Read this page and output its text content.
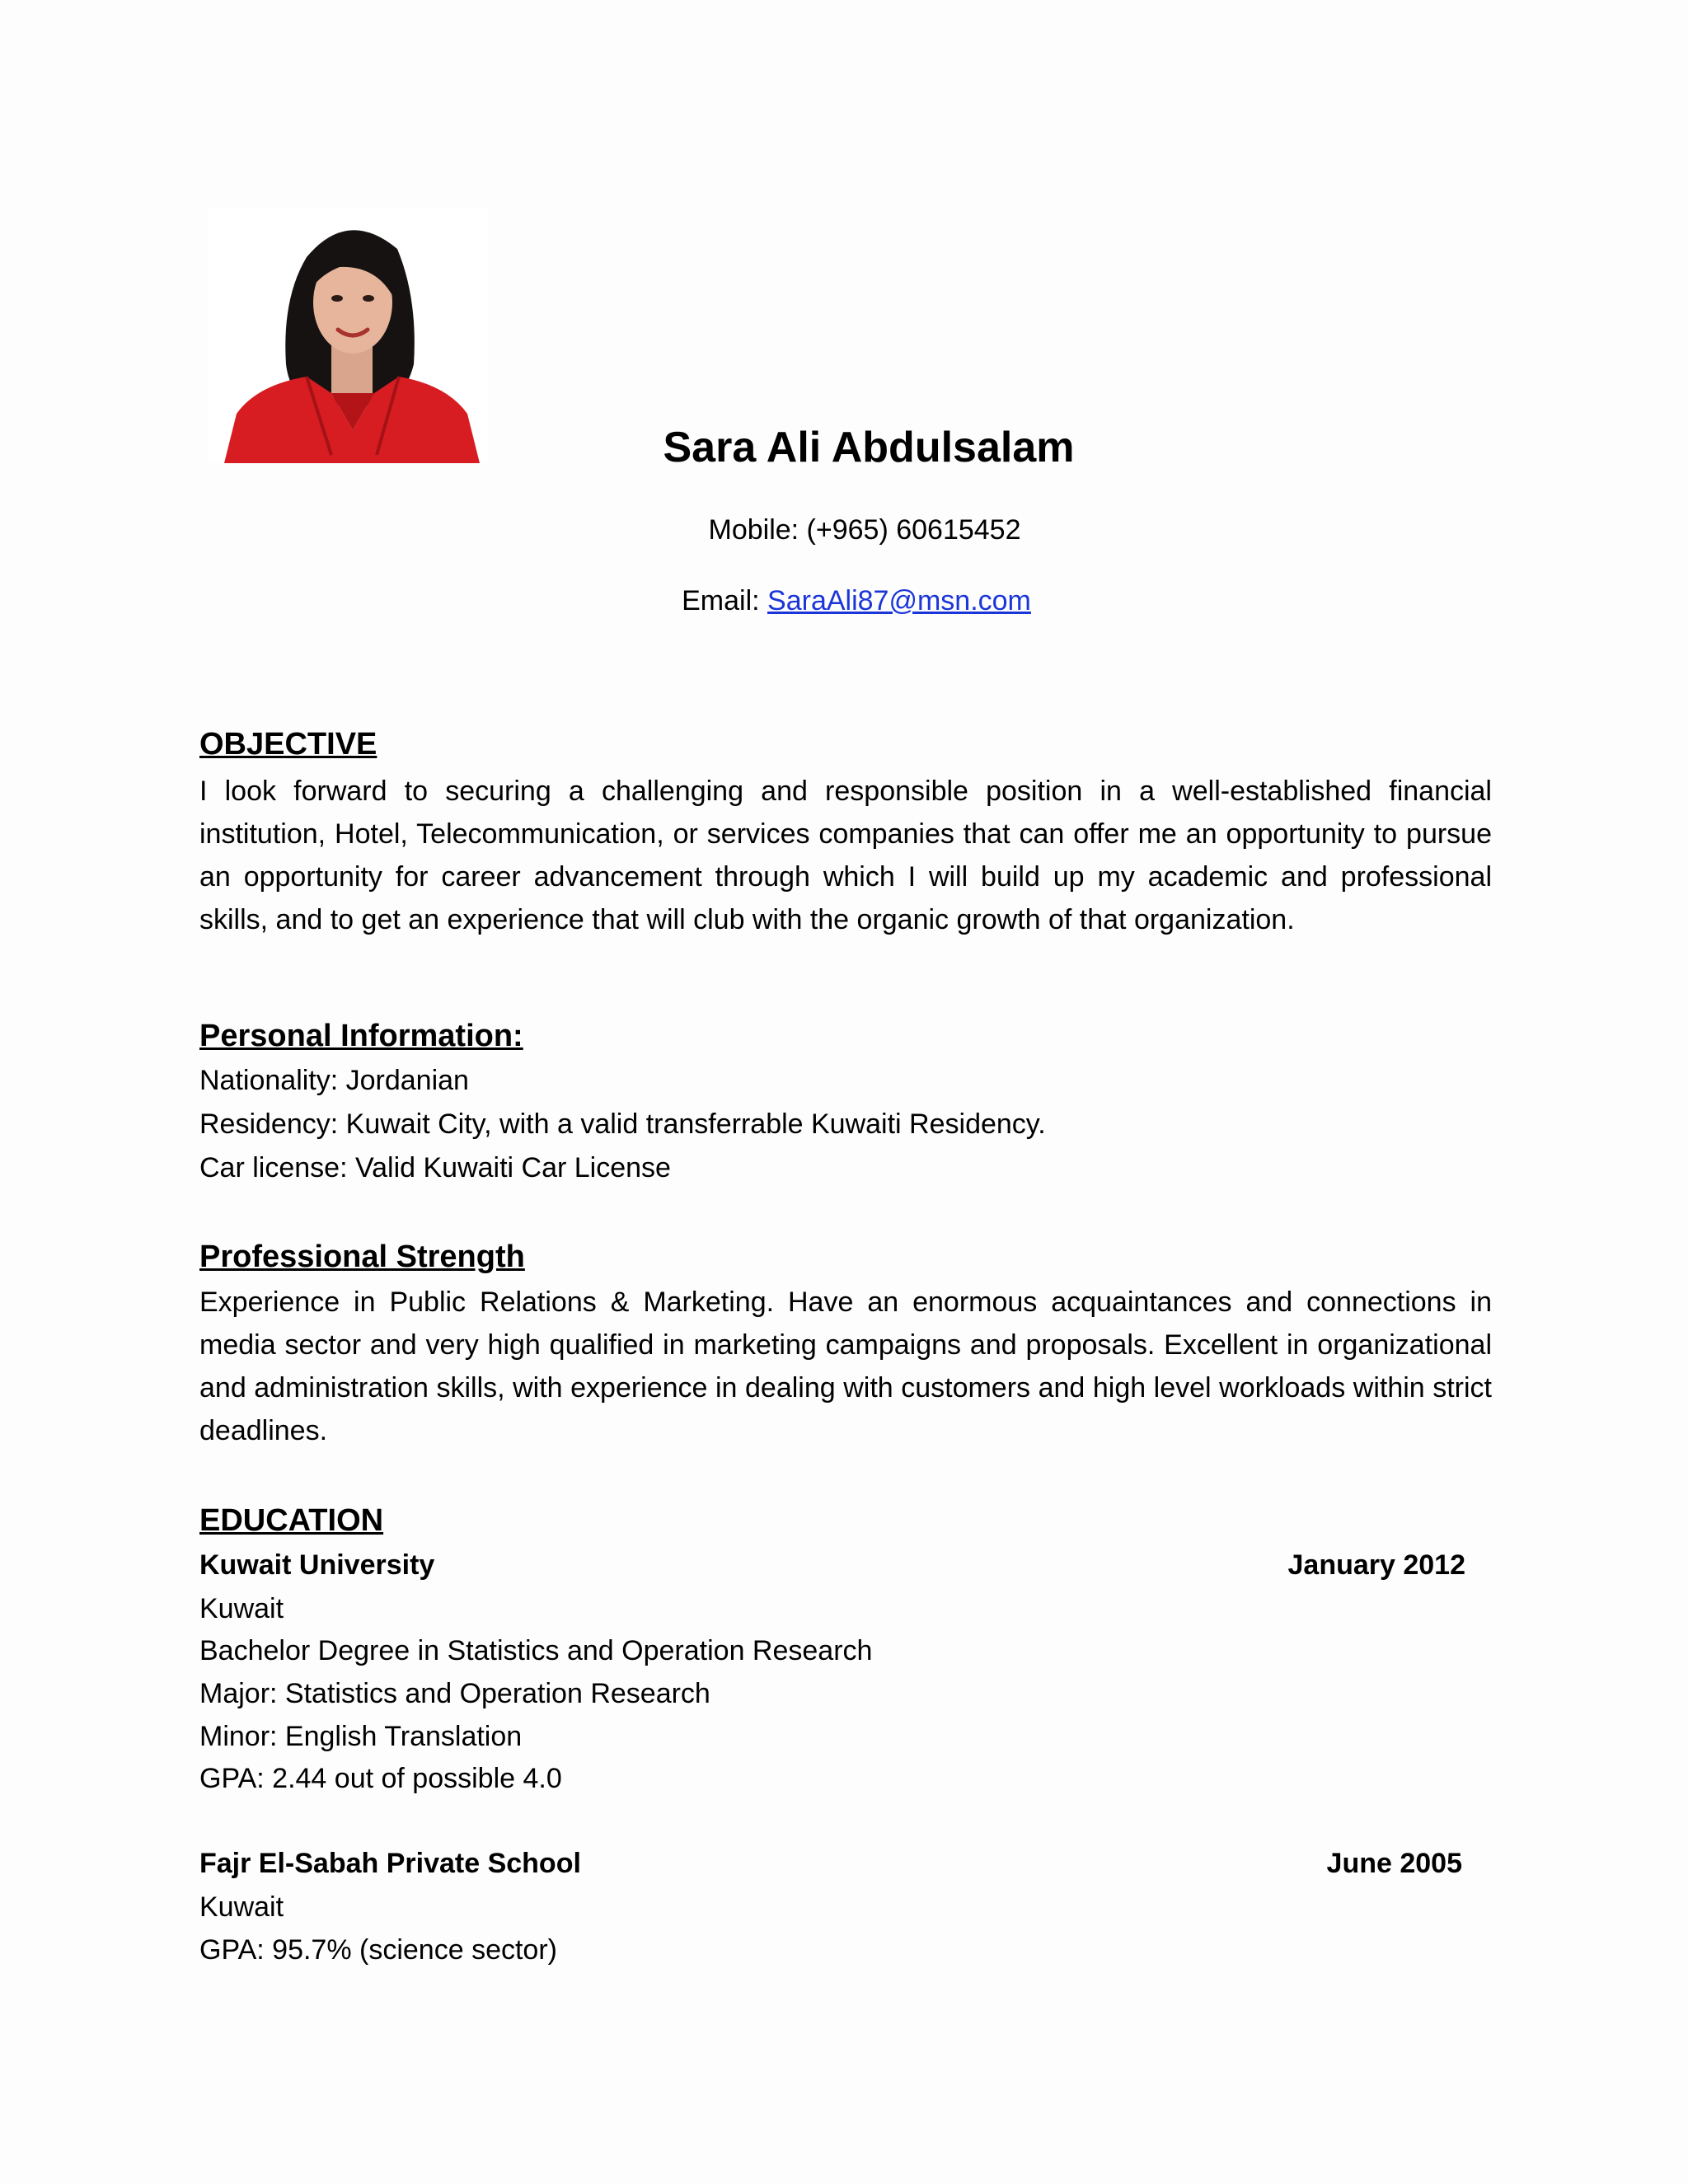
Sara Ali Abdulsalam
Mobile: (+965) 60615452
Email: SaraAli87@msn.com
OBJECTIVE
I look forward to securing a challenging and responsible position in a well-established financial institution, Hotel, Telecommunication, or services companies that can offer me an opportunity to pursue an opportunity for career advancement through which I will build up my academic and professional skills, and to get an experience that will club with the organic growth of that organization.
Personal Information:
Nationality: Jordanian
Residency: Kuwait City, with a valid transferrable Kuwaiti Residency.
Car license: Valid Kuwaiti Car License
Professional Strength
Experience in Public Relations & Marketing. Have an enormous acquaintances and connections in media sector and very high qualified in marketing campaigns and proposals. Excellent in organizational and administration skills, with experience in dealing with customers and high level workloads within strict deadlines.
EDUCATION
Kuwait University	January 2012
Kuwait
Bachelor Degree in Statistics and Operation Research
Major: Statistics and Operation Research
Minor: English Translation
GPA: 2.44 out of possible 4.0
Fajr El-Sabah Private School	June 2005
Kuwait
GPA: 95.7% (science sector)
